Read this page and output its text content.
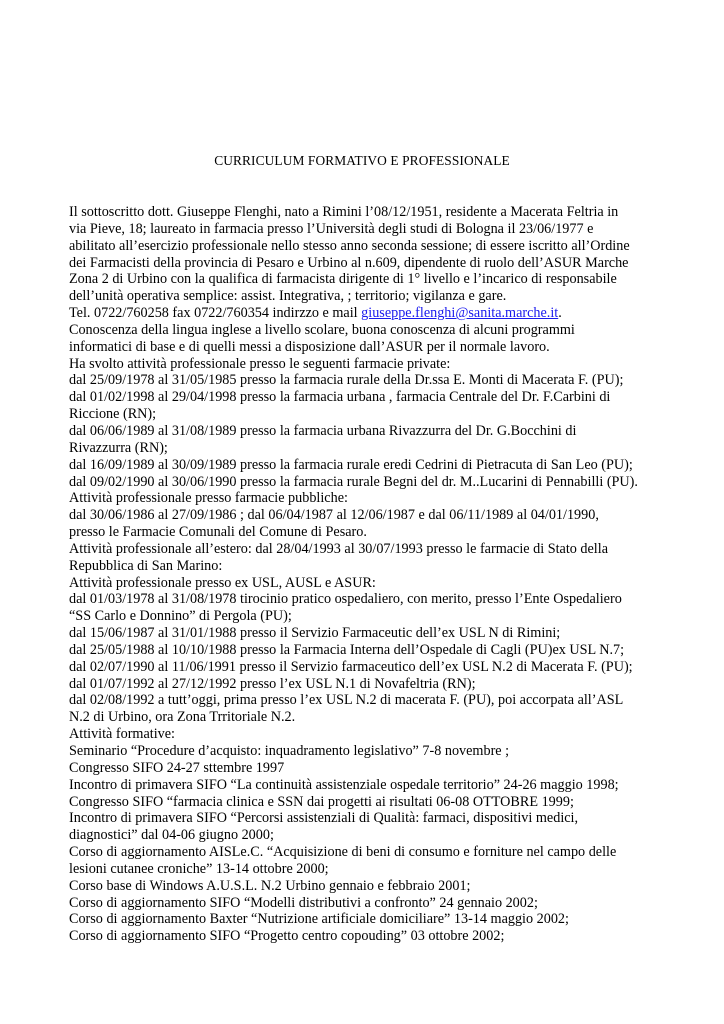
CURRICULUM FORMATIVO E PROFESSIONALE
Il sottoscritto dott. Giuseppe Flenghi, nato a Rimini l’08/12/1951, residente a Macerata Feltria in
via Pieve, 18; laureato in farmacia presso l’Università degli studi di Bologna il 23/06/1977 e
abilitato all’esercizio professionale nello stesso anno seconda sessione; di essere iscritto all’Ordine
dei Farmacisti della provincia di Pesaro e Urbino al n.609, dipendente di ruolo dell’ASUR Marche
Zona 2 di Urbino con la qualifica di farmacista dirigente di 1° livello e l’incarico di responsabile
dell’unità operativa semplice: assist. Integrativa, ; territorio; vigilanza e gare.
Tel. 0722/760258 fax 0722/760354 indirzzo e mail giuseppe.flenghi@sanita.marche.it.
Conoscenza della lingua inglese a livello scolare, buona conoscenza di alcuni programmi
informatici di base e di quelli messi a disposizione dall’ASUR per il normale lavoro.
Ha svolto attività professionale presso le seguenti farmacie private:
dal 25/09/1978 al 31/05/1985 presso la farmacia rurale della Dr.ssa E. Monti di Macerata F. (PU);
dal 01/02/1998 al 29/04/1998 presso la farmacia urbana , farmacia Centrale del Dr. F.Carbini di
Riccione (RN);
dal 06/06/1989 al 31/08/1989 presso la farmacia urbana Rivazzurra del Dr. G.Bocchini di
Rivazzurra (RN);
dal 16/09/1989 al 30/09/1989 presso la farmacia rurale eredi Cedrini di Pietracuta di San Leo (PU);
dal 09/02/1990 al 30/06/1990 presso la farmacia rurale Begni del dr. M..Lucarini di Pennabilli (PU).
Attività professionale presso farmacie pubbliche:
dal 30/06/1986 al 27/09/1986 ; dal 06/04/1987 al 12/06/1987 e dal 06/11/1989 al 04/01/1990,
presso le Farmacie Comunali del Comune di Pesaro.
Attività professionale all’estero: dal 28/04/1993 al 30/07/1993 presso le farmacie di Stato della
Repubblica di San Marino:
Attività professionale presso ex USL, AUSL e ASUR:
dal 01/03/1978 al 31/08/1978 tirocinio pratico ospedaliero, con merito, presso l’Ente Ospedaliero
“SS Carlo e Donnino” di Pergola (PU);
dal 15/06/1987 al 31/01/1988 presso il Servizio Farmaceutic dell’ex USL N di Rimini;
dal 25/05/1988 al 10/10/1988 presso la Farmacia Interna dell’Ospedale di Cagli (PU)ex USL N.7;
dal 02/07/1990 al 11/06/1991 presso il Servizio farmaceutico dell’ex USL N.2 di Macerata F. (PU);
dal 01/07/1992 al 27/12/1992 presso l’ex USL N.1 di Novafeltria (RN);
dal 02/08/1992 a tutt’oggi, prima presso l’ex USL N.2 di macerata F. (PU), poi accorpata all’ASL
N.2 di Urbino, ora Zona Trritoriale N.2.
Attività formative:
Seminario “Procedure d’acquisto: inquadramento legislativo” 7-8 novembre ;
Congresso SIFO 24-27 sttembre 1997
Incontro di primavera SIFO “La continuità assistenziale ospedale territorio” 24-26 maggio 1998;
Congresso SIFO “farmacia clinica e SSN dai progetti ai risultati 06-08 OTTOBRE 1999;
Incontro di primavera SIFO “Percorsi assistenziali di Qualità: farmaci, dispositivi medici,
diagnostici” dal 04-06 giugno 2000;
Corso di aggiornamento AISLe.C. “Acquisizione di beni di consumo e forniture nel campo delle
lesioni cutanee croniche” 13-14 ottobre 2000;
Corso base di Windows A.U.S.L. N.2 Urbino gennaio e febbraio 2001;
Corso di aggiornamento SIFO “Modelli distributivi a confronto” 24 gennaio 2002;
Corso di aggiornamento Baxter “Nutrizione artificiale domiciliare” 13-14 maggio 2002;
Corso di aggiornamento SIFO “Progetto centro copouding” 03 ottobre 2002;
